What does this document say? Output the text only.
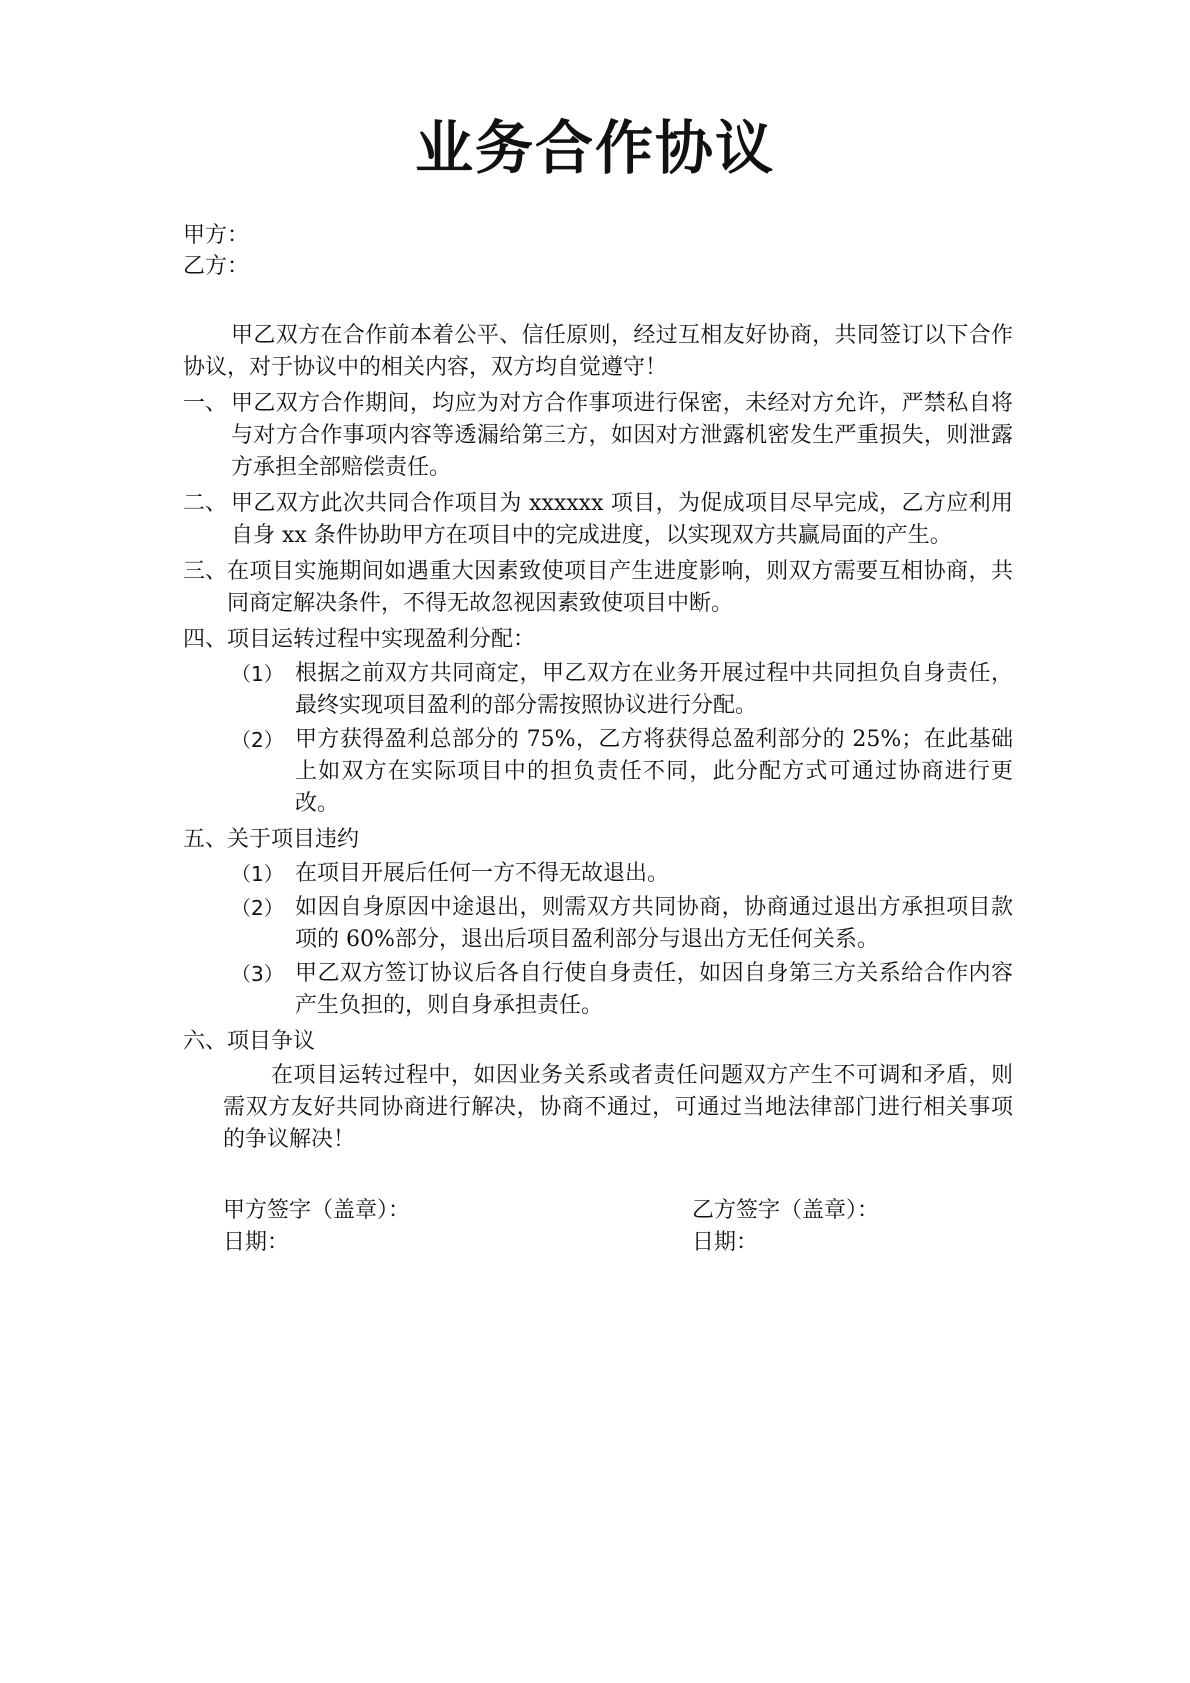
业务合作协议
甲方：
乙方：
甲乙双方在合作前本着公平、信任原则，经过互相友好协商，共同签订以下合作协议，对于协议中的相关内容，双方均自觉遵守！
一、 甲乙双方合作期间，均应为对方合作事项进行保密，未经对方允许，严禁私自将与对方合作事项内容等透漏给第三方，如因对方泄露机密发生严重损失，则泄露方承担全部赔偿责任。
二、 甲乙双方此次共同合作项目为 xxxxxx 项目，为促成项目尽早完成，乙方应利用自身 xx 条件协助甲方在项目中的完成进度，以实现双方共赢局面的产生。
三、 在项目实施期间如遇重大因素致使项目产生进度影响，则双方需要互相协商，共同商定解决条件，不得无故忽视因素致使项目中断。
四、项目运转过程中实现盈利分配：
（1） 根据之前双方共同商定，甲乙双方在业务开展过程中共同担负自身责任，最终实现项目盈利的部分需按照协议进行分配。
（2） 甲方获得盈利总部分的 75%，乙方将获得总盈利部分的 25%；在此基础上如双方在实际项目中的担负责任不同，此分配方式可通过协商进行更改。
五、关于项目违约
（1） 在项目开展后任何一方不得无故退出。
（2） 如因自身原因中途退出，则需双方共同协商，协商通过退出方承担项目款项的 60%部分，退出后项目盈利部分与退出方无任何关系。
（3） 甲乙双方签订协议后各自行使自身责任，如因自身第三方关系给合作内容产生负担的，则自身承担责任。
六、项目争议
在项目运转过程中，如因业务关系或者责任问题双方产生不可调和矛盾，则需双方友好共同协商进行解决，协商不通过，可通过当地法律部门进行相关事项的争议解决！
甲方签字（盖章）：
日期：
乙方签字（盖章）：
日期：
